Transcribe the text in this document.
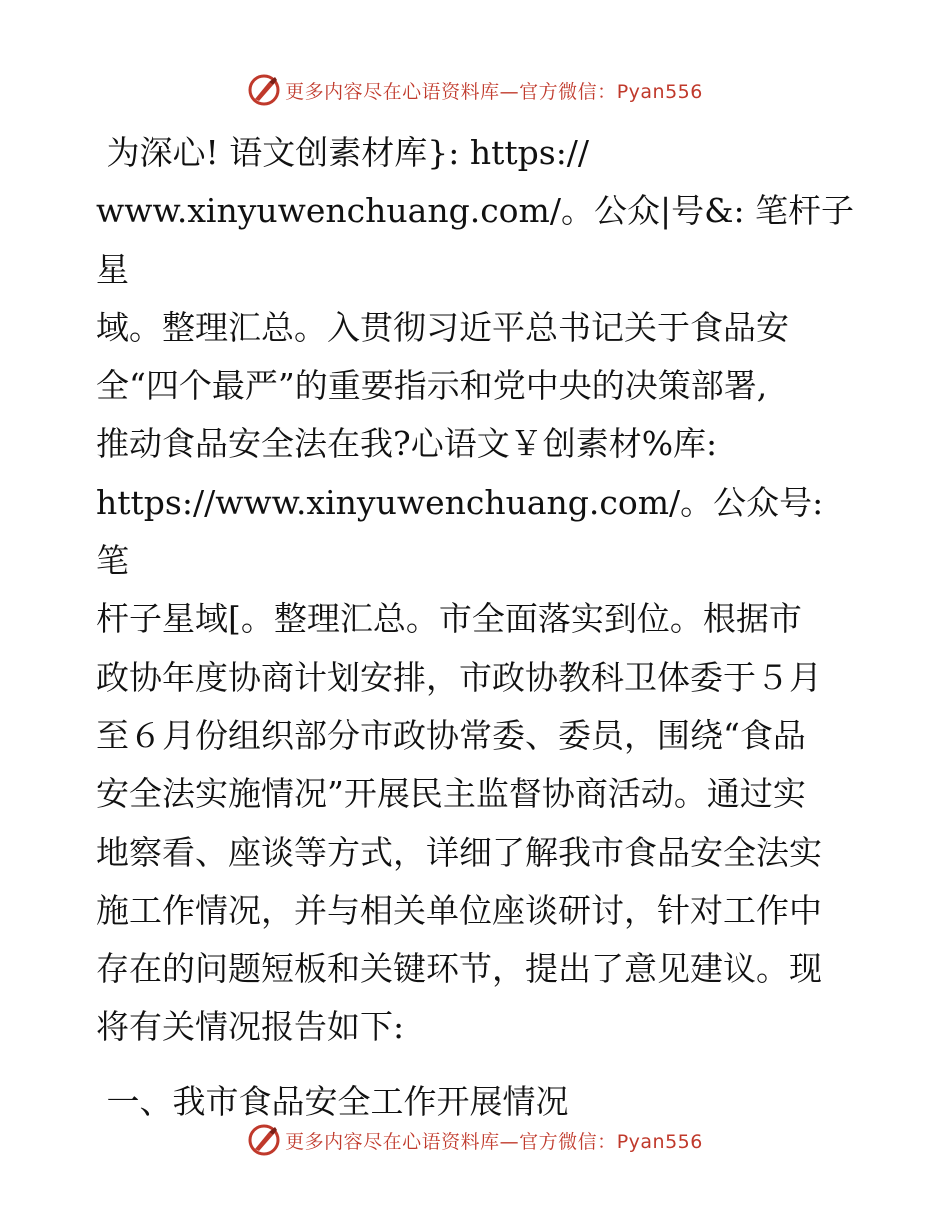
更多内容尽在心语资料库—官方微信：Pyan556

为深心! 语文创素材库}: https://
www.xinyuwenchuang.com/。公众|号&: 笔杆子星
域。整理汇总。入贯彻习近平总书记关于食品安
全“四个最严”的重要指示和党中央的决策部署,
推动食品安全法在我?心语文￥创素材%库:
https://www.xinyuwenchuang.com/。公众号: 笔
杆子星域[。整理汇总。市全面落实到位。根据市
政协年度协商计划安排，市政协教科卫体委于５月
至６月份组织部分市政协常委、委员，围绕“食品
安全法实施情况”开展民主监督协商活动。通过实
地察看、座谈等方式，详细了解我市食品安全法实
施工作情况，并与相关单位座谈研讨，针对工作中
存在的问题短板和关键环节，提出了意见建议。现
将有关情况报告如下:

一、我市食品安全工作开展情况

更多内容尽在心语资料库—官方微信：Pyan556
